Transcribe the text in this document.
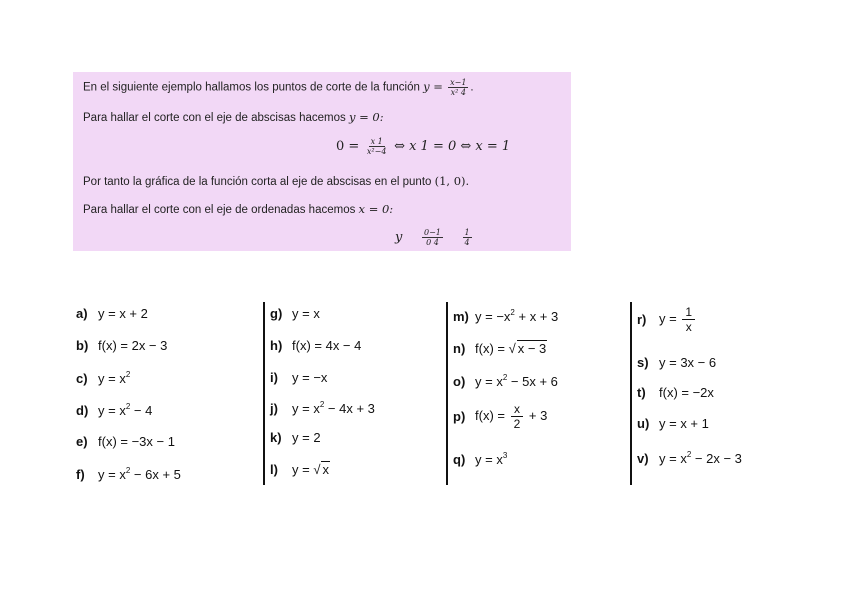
En el siguiente ejemplo hallamos los puntos de corte de la función $y = \frac{x-1}{\text{x² 4}}$ .
Para hallar el corte con el eje de abscisas hacemos y = 0:
$0 = \frac{x 1}{\text{x²−4}}$ ⇔ x 1 = 0 ⇔ x = 1
Por tanto la gráfica de la función corta al eje de abscisas en el punto (1, 0).
Para hallar el corte con el eje de ordenadas hacemos x = 0:
y $\frac{0-1}{0 4}$
$\frac{1}{4}$
a) y = x + 2
b) f(x) = 2x − 3
c) $y = x^2$
d) $y = x^2 - 4$
e) f(x) = −3x − 1
f)	$y = x^2 - 6x + 5$
g) y = x
h) f(x) = 4x − 4
i)	y = −x
j)	$y = x^2 - 4x + 3$
k) y = 2
l)	y = √ x
m) $y = -x^2 + x + 3$
n) f(x) = √ x − 3
o) $y = x^2 - 5x + 6$
p) $f(x) = \frac{x}{2} + 3$
q) $y = x^3$
r) $y = \frac{1}{x}$
s) y = 3x − 6
t)	f(x) = −2x
u) y = x + 1
v) $y = x^2 - 2x - 3$
